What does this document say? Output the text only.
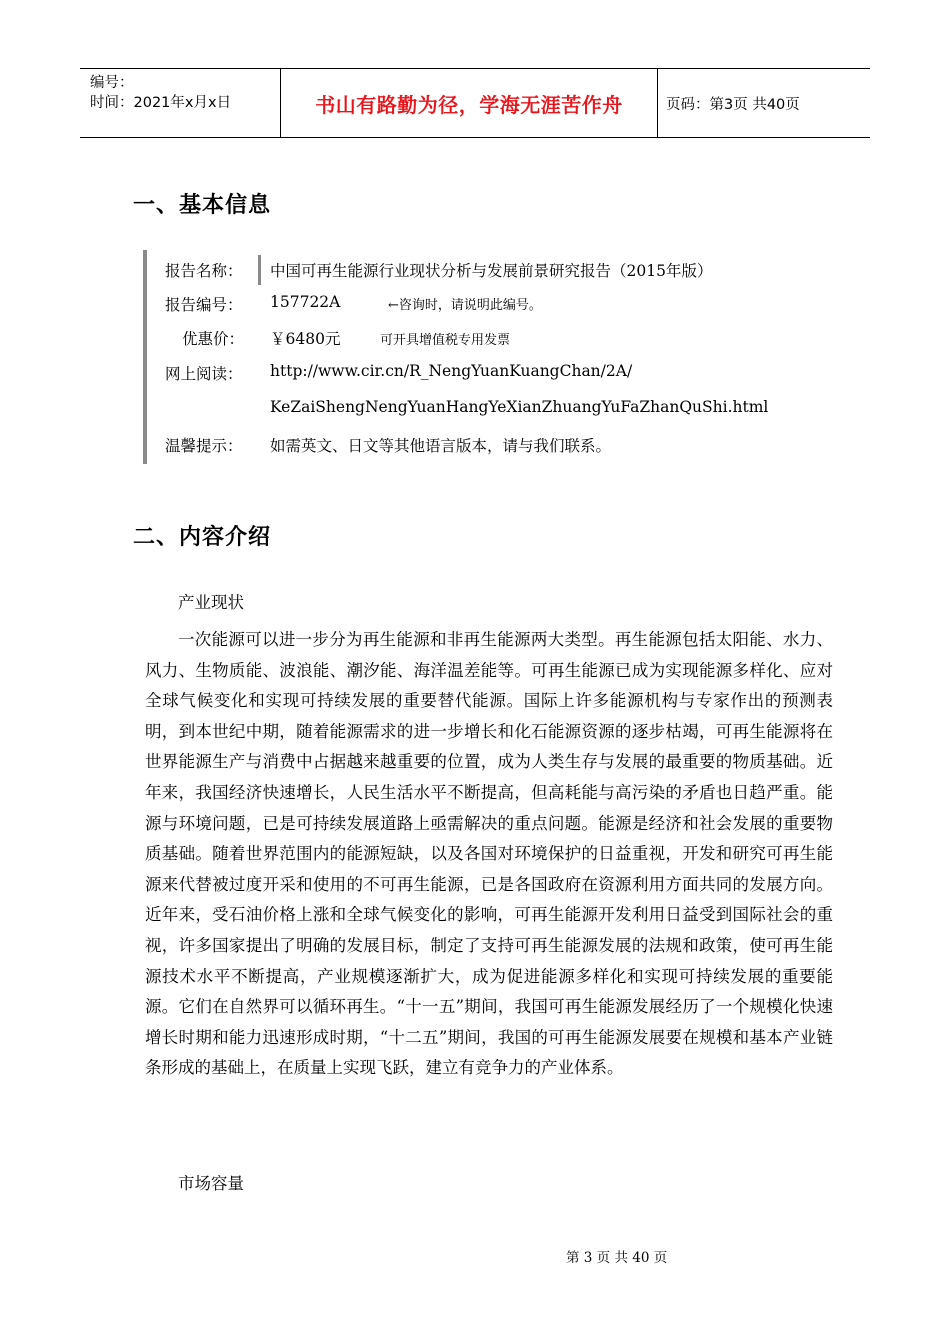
编号：
时间：2021年x月x日	书山有路勤为径，学海无涯苦作舟	页码：第3页 共40页
一、基本信息
报告名称：	中国可再生能源行业现状分析与发展前景研究报告（2015年版）
报告编号：	157722A	←咨询时，请说明此编号。
优惠价：	￥6480元	可开具增值税专用发票
网上阅读：	http://www.cir.cn/R_NengYuanKuangChan/2A/
KeZaiShengNengYuanHangYeXianZhuangYuFaZhanQuShi.html
温馨提示：	如需英文、日文等其他语言版本，请与我们联系。
二、内容介绍
产业现状
一次能源可以进一步分为再生能源和非再生能源两大类型。再生能源包括太阳能、水力、风力、生物质能、波浪能、潮汐能、海洋温差能等。可再生能源已成为实现能源多样化、应对全球气候变化和实现可持续发展的重要替代能源。国际上许多能源机构与专家作出的预测表明，到本世纪中期，随着能源需求的进一步增长和化石能源资源的逐步枯竭，可再生能源将在世界能源生产与消费中占据越来越重要的位置，成为人类生存与发展的最重要的物质基础。近年来，我国经济快速增长，人民生活水平不断提高，但高耗能与高污染的矛盾也日趋严重。能源与环境问题，已是可持续发展道路上亟需解决的重点问题。能源是经济和社会发展的重要物质基础。随着世界范围内的能源短缺，以及各国对环境保护的日益重视，开发和研究可再生能源来代替被过度开采和使用的不可再生能源，已是各国政府在资源利用方面共同的发展方向。近年来，受石油价格上涨和全球气候变化的影响，可再生能源开发利用日益受到国际社会的重视，许多国家提出了明确的发展目标，制定了支持可再生能源发展的法规和政策，使可再生能源技术水平不断提高，产业规模逐渐扩大，成为促进能源多样化和实现可持续发展的重要能源。它们在自然界可以循环再生。“十一五”期间，我国可再生能源发展经历了一个规模化快速增长时期和能力迅速形成时期，“十二五”期间，我国的可再生能源发展要在规模和基本产业链条形成的基础上，在质量上实现飞跃，建立有竞争力的产业体系。
市场容量
第 3 页 共 40 页
